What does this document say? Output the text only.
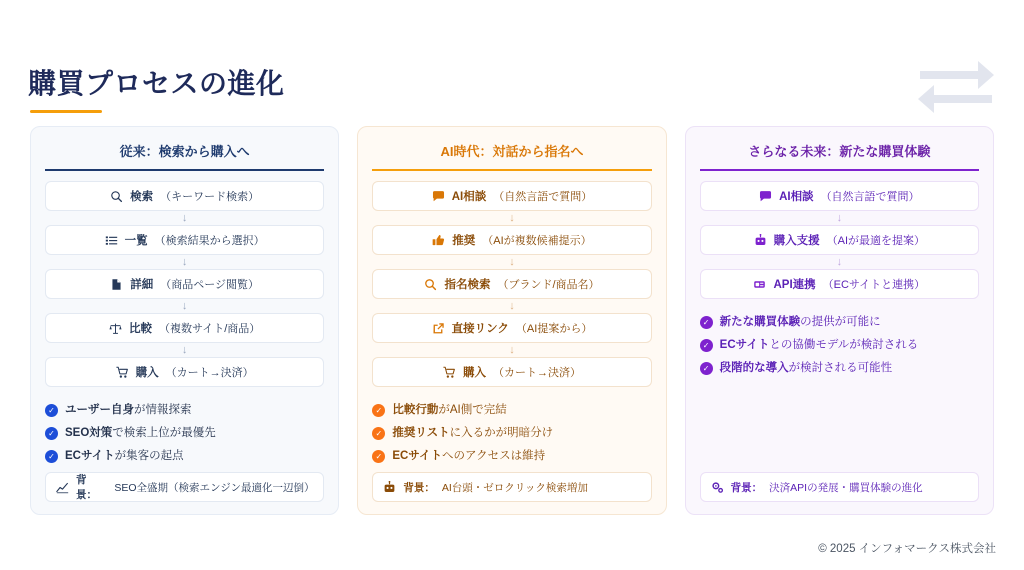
購買プロセスの進化
従来：検索から購入へ
検索 （キーワード検索）
↓
一覧 （検索結果から選択）
↓
詳細 （商品ページ閲覧）
↓
比較 （複数サイト/商品）
↓
購入 （カート→決済）
✓ ユーザー自身が情報探索
✓ SEO対策で検索上位が最優先
✓ ECサイトが集客の起点
背景：
SEO全盛期（検索エンジン最適化一辺倒）
AI時代：対話から指名へ
AI相談 （自然言語で質問）
↓
推奨 （AIが複数候補提示）
↓
指名検索 （ブランド/商品名）
↓
直接リンク （AI提案から）
↓
購入 （カート→決済）
✓ 比較行動がAI側で完結
✓ 推奨リストに入るかが明暗分け
✓ ECサイトへのアクセスは維持
背景： AI台頭・ゼロクリック検索増加
さらなる未来：新たな購買体験
AI相談 （自然言語で質問）
↓
購入支援 （AIが最適を提案）
↓
API連携 （ECサイトと連携）
✓ 新たな購買体験の提供が可能に
✓ ECサイトとの協働モデルが検討される
✓ 段階的な導入が検討される可能性
背景： 決済APIの発展・購買体験の進化
© 2025 インフォマークス株式会社
